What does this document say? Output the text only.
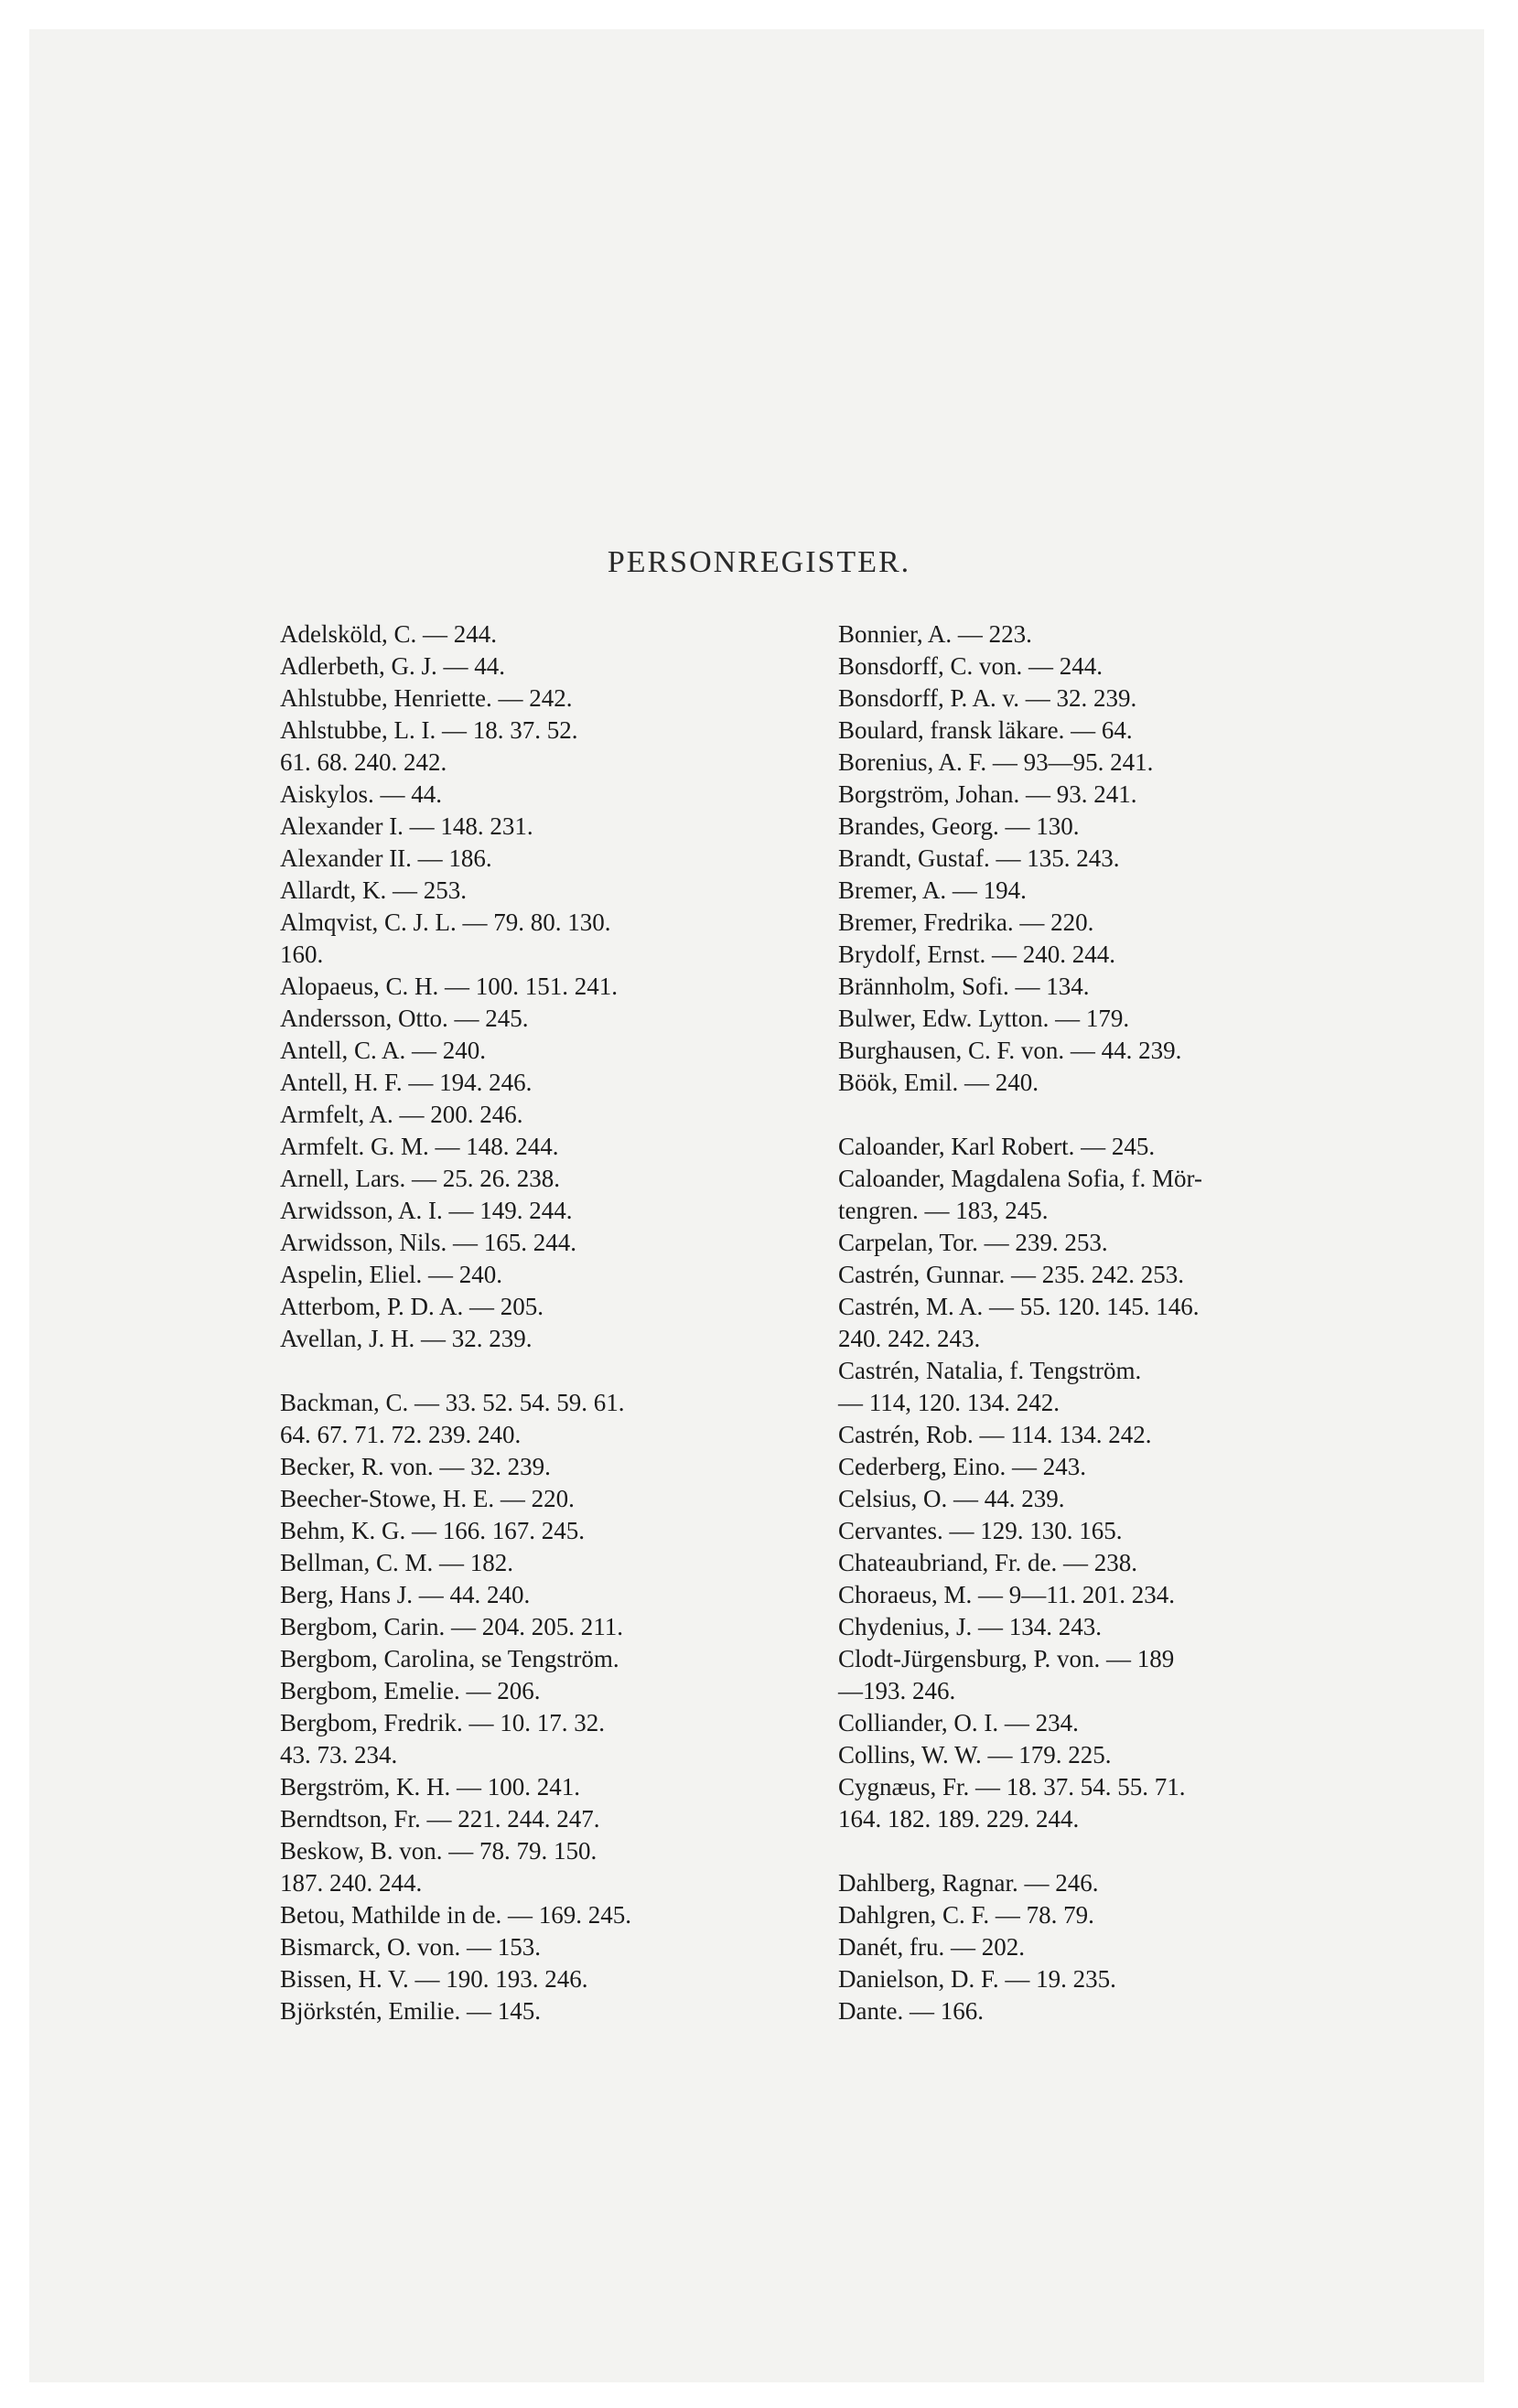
PERSONREGISTER.
Adelsköld, C. — 244.
Adlerbeth, G. J. — 44.
Ahlstubbe, Henriette. — 242.
Ahlstubbe, L. I. — 18. 37. 52.
61. 68. 240. 242.
Aiskylos. — 44.
Alexander I. — 148. 231.
Alexander II. — 186.
Allardt, K. — 253.
Almqvist, C. J. L. — 79. 80. 130.
160.
Alopaeus, C. H. — 100. 151. 241.
Andersson, Otto. — 245.
Antell, C. A. — 240.
Antell, H. F. — 194. 246.
Armfelt, A. — 200. 246.
Armfelt. G. M. — 148. 244.
Arnell, Lars. — 25. 26. 238.
Arwidsson, A. I. — 149. 244.
Arwidsson, Nils. — 165. 244.
Aspelin, Eliel. — 240.
Atterbom, P. D. A. — 205.
Avellan, J. H. — 32. 239.
Backman, C. — 33. 52. 54. 59. 61.
64. 67. 71. 72. 239. 240.
Becker, R. von. — 32. 239.
Beecher-Stowe, H. E. — 220.
Behm, K. G. — 166. 167. 245.
Bellman, C. M. — 182.
Berg, Hans J. — 44. 240.
Bergbom, Carin. — 204. 205. 211.
Bergbom, Carolina, se Tengström.
Bergbom, Emelie. — 206.
Bergbom, Fredrik. — 10. 17. 32.
43. 73. 234.
Bergström, K. H. — 100. 241.
Berndtson, Fr. — 221. 244. 247.
Beskow, B. von. — 78. 79. 150.
187. 240. 244.
Betou, Mathilde in de. — 169. 245.
Bismarck, O. von. — 153.
Bissen, H. V. — 190. 193. 246.
Björkstén, Emilie. — 145.
Bonnier, A. — 223.
Bonsdorff, C. von. — 244.
Bonsdorff, P. A. v. — 32. 239.
Boulard, fransk läkare. — 64.
Borenius, A. F. — 93—95. 241.
Borgström, Johan. — 93. 241.
Brandes, Georg. — 130.
Brandt, Gustaf. — 135. 243.
Bremer, A. — 194.
Bremer, Fredrika. — 220.
Brydolf, Ernst. — 240. 244.
Brännholm, Sofi. — 134.
Bulwer, Edw. Lytton. — 179.
Burghausen, C. F. von. — 44. 239.
Böök, Emil. — 240.
Caloander, Karl Robert. — 245.
Caloander, Magdalena Sofia, f. Mör-
tengren. — 183, 245.
Carpelan, Tor. — 239. 253.
Castrén, Gunnar. — 235. 242. 253.
Castrén, M. A. — 55. 120. 145. 146.
240. 242. 243.
Castrén, Natalia, f. Tengström.
— 114, 120. 134. 242.
Castrén, Rob. — 114. 134. 242.
Cederberg, Eino. — 243.
Celsius, O. — 44. 239.
Cervantes. — 129. 130. 165.
Chateaubriand, Fr. de. — 238.
Choraeus, M. — 9—11. 201. 234.
Chydenius, J. — 134. 243.
Clodt-Jürgensburg, P. von. — 189
—193. 246.
Colliander, O. I. — 234.
Collins, W. W. — 179. 225.
Cygnæus, Fr. — 18. 37. 54. 55. 71.
164. 182. 189. 229. 244.
Dahlberg, Ragnar. — 246.
Dahlgren, C. F. — 78. 79.
Danét, fru. — 202.
Danielson, D. F. — 19. 235.
Dante. — 166.
